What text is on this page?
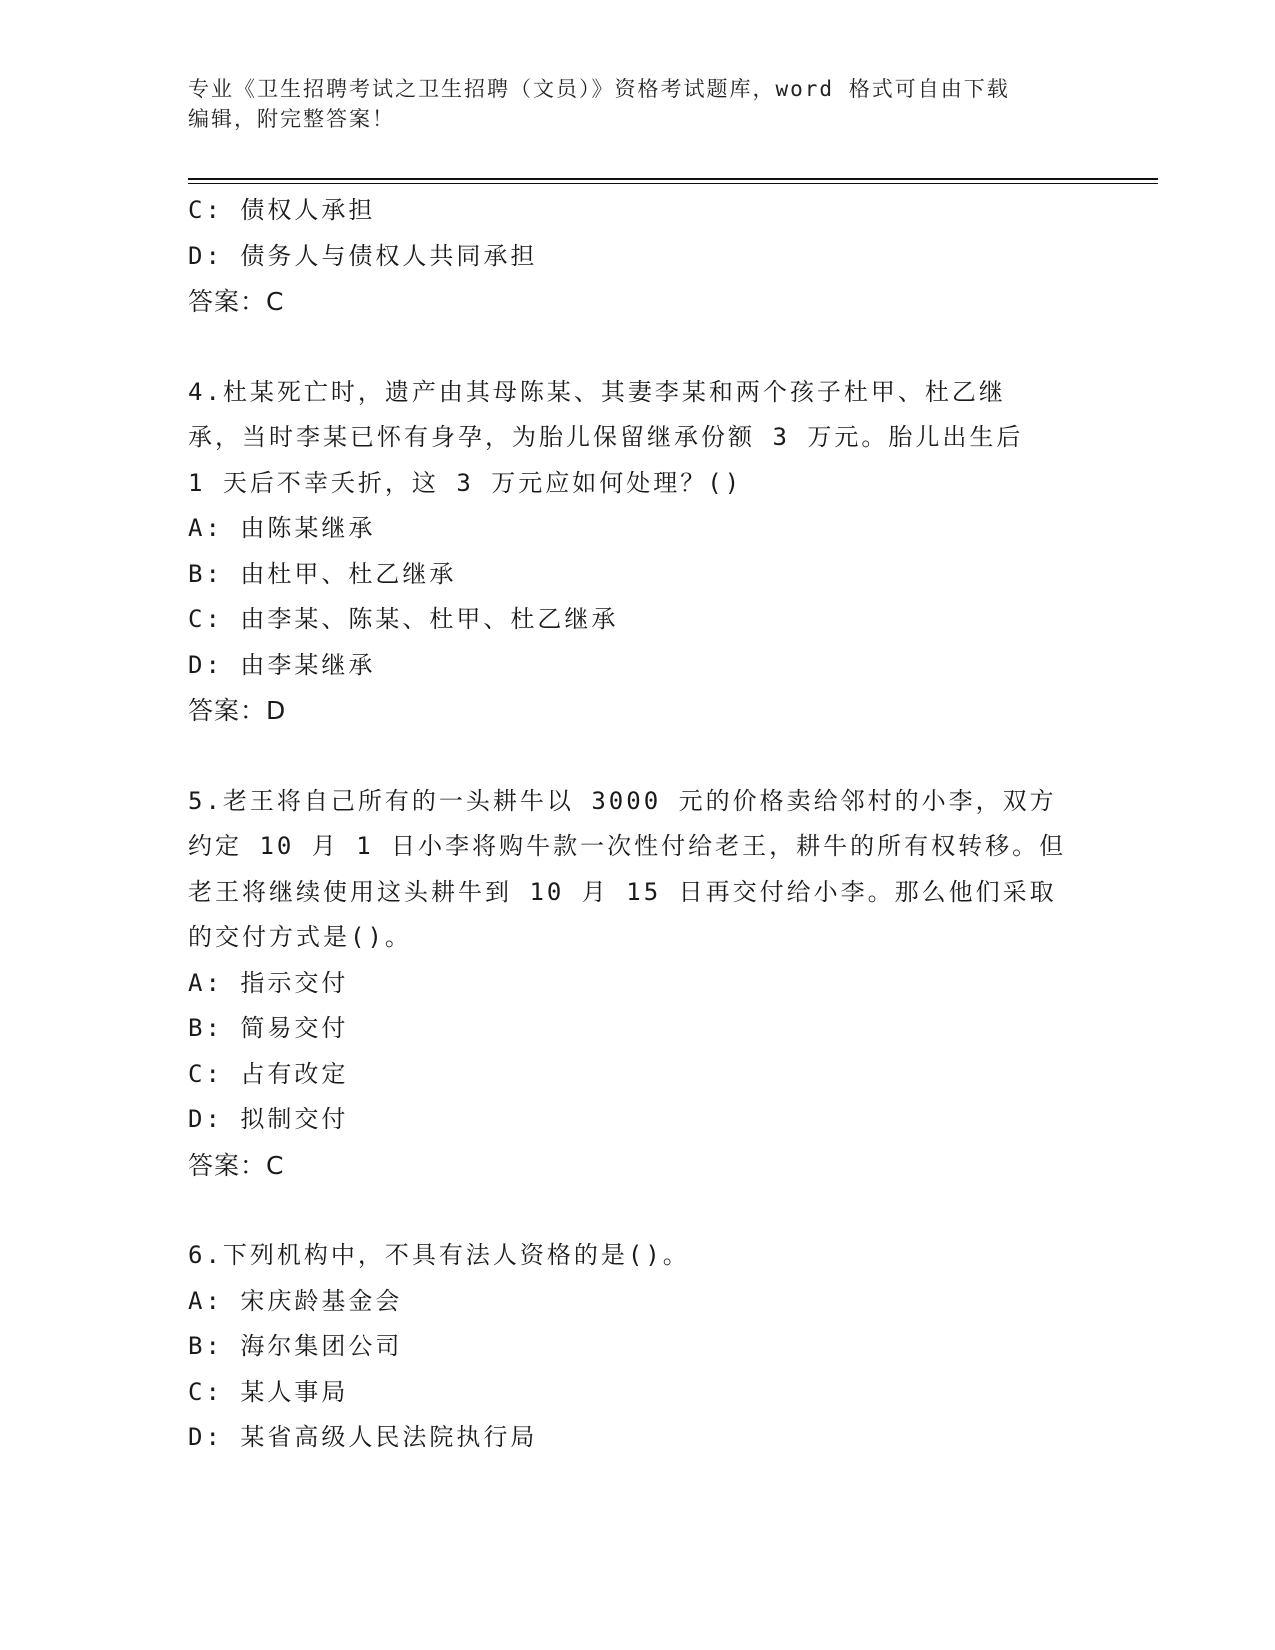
专业《卫生招聘考试之卫生招聘（文员）》资格考试题库，word 格式可自由下载
编辑，附完整答案！
C: 债权人承担
D: 债务人与债权人共同承担
答案：C
4.杜某死亡时，遗产由其母陈某、其妻李某和两个孩子杜甲、杜乙继
承，当时李某已怀有身孕，为胎儿保留继承份额 3 万元。胎儿出生后
1 天后不幸夭折，这 3 万元应如何处理？()
A: 由陈某继承
B: 由杜甲、杜乙继承
C: 由李某、陈某、杜甲、杜乙继承
D: 由李某继承
答案：D
5.老王将自己所有的一头耕牛以 3000 元的价格卖给邻村的小李，双方
约定 10 月 1 日小李将购牛款一次性付给老王，耕牛的所有权转移。但
老王将继续使用这头耕牛到 10 月 15 日再交付给小李。那么他们采取
的交付方式是()。
A: 指示交付
B: 简易交付
C: 占有改定
D: 拟制交付
答案：C
6.下列机构中，不具有法人资格的是()。
A: 宋庆龄基金会
B: 海尔集团公司
C: 某人事局
D: 某省高级人民法院执行局
